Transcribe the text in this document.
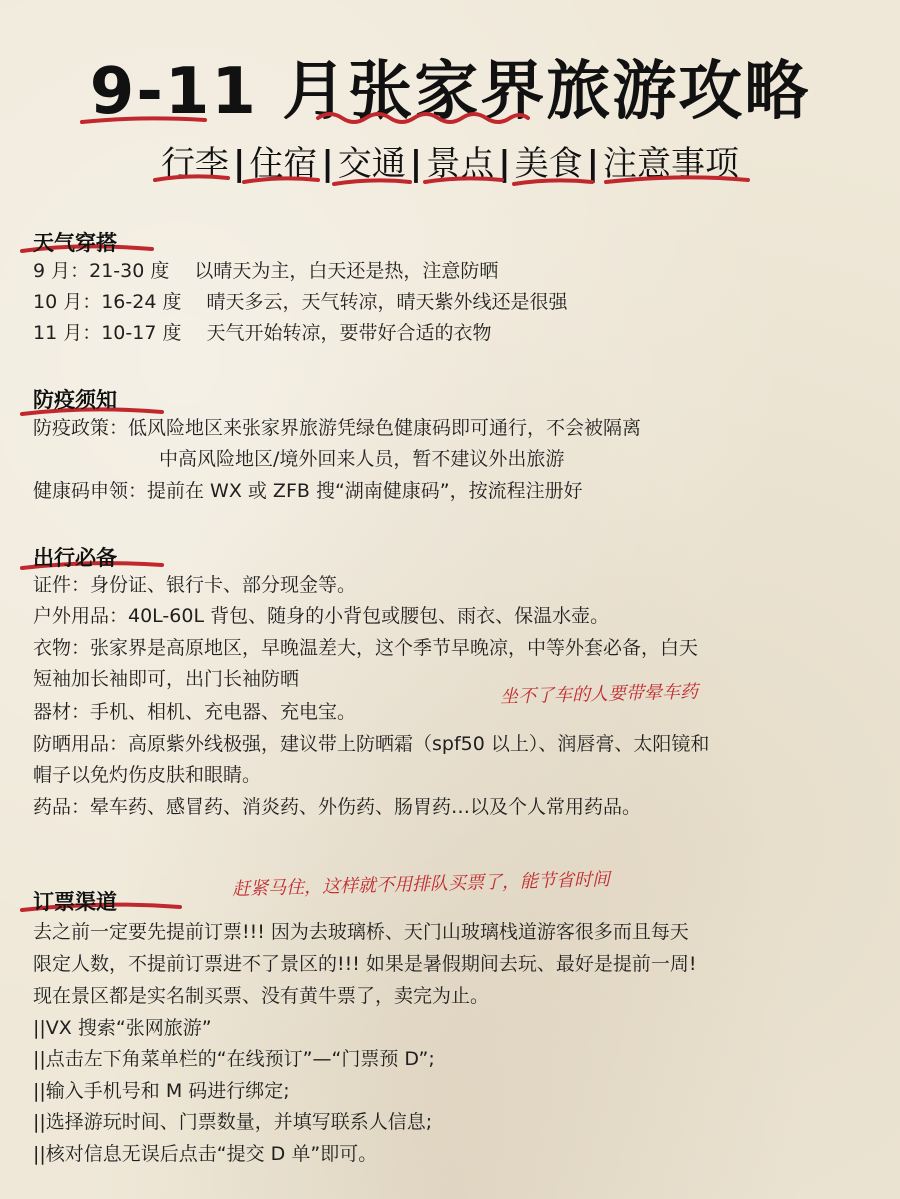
9-11 月张家界旅游攻略
行李 | 住宿 | 交通 | 景点 | 美食 | 注意事项
天气穿搭
9 月：21-30 度　 以晴天为主，白天还是热，注意防晒
10 月：16-24 度　 晴天多云，天气转凉，晴天紫外线还是很强
11 月：10-17 度　 天气开始转凉，要带好合适的衣物
防疫须知
防疫政策：低风险地区来张家界旅游凭绿色健康码即可通行，不会被隔离
中高风险地区/境外回来人员，暂不建议外出旅游
健康码申领：提前在 WX 或 ZFB 搜“湖南健康码”，按流程注册好
出行必备
证件：身份证、银行卡、部分现金等。
户外用品：40L-60L 背包、随身的小背包或腰包、雨衣、保温水壶。
衣物：张家界是高原地区，早晚温差大，这个季节早晚凉，中等外套必备，白天
短袖加长袖即可，出门长袖防晒
器材：手机、相机、充电器、充电宝。
防晒用品：高原紫外线极强，建议带上防晒霜（spf50 以上）、润唇膏、太阳镜和
帽子以免灼伤皮肤和眼睛。
药品：晕车药、感冒药、消炎药、外伤药、肠胃药…以及个人常用药品。
坐不了车的人要带晕车药
赶紧马住，这样就不用排队买票了，能节省时间
订票渠道
去之前一定要先提前订票!!! 因为去玻璃桥、天门山玻璃栈道游客很多而且每天
限定人数，不提前订票进不了景区的!!! 如果是暑假期间去玩、最好是提前一周!
现在景区都是实名制买票、没有黄牛票了，卖完为止。
||VX 搜索“张网旅游”
||点击左下角菜单栏的“在线预订”—“门票预 D”;
||输入手机号和 M 码进行绑定;
||选择游玩时间、门票数量，并填写联系人信息;
||核对信息无误后点击“提交 D 单”即可。
